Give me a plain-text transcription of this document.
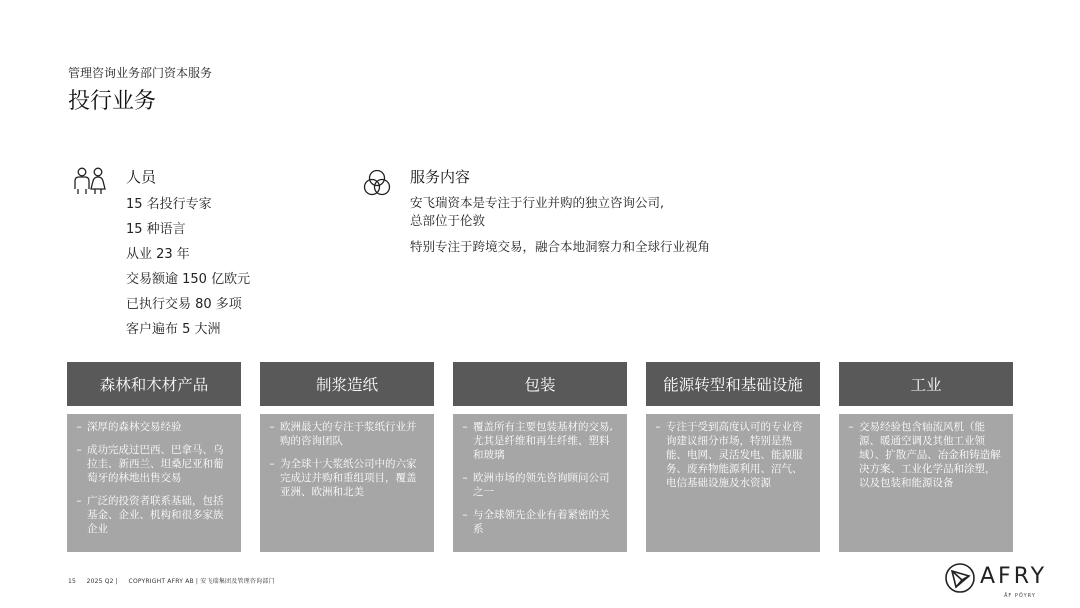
管理咨询业务部门资本服务
投行业务
人员
15 名投行专家
15 种语言
从业 23 年
交易额逾 150 亿欧元
已执行交易 80 多项
客户遍布 5 大洲
服务内容
安飞瑞资本是专注于行业并购的独立咨询公司,
总部位于伦敦
特别专注于跨境交易，融合本地洞察力和全球行业视角
森林和木材产品
– 深厚的森林交易经验
– 成功完成过巴西、巴拿马、乌拉圭、新西兰、坦桑尼亚和葡萄牙的林地出售交易
– 广泛的投资者联系基础，包括基金、企业、机构和很多家族企业
制浆造纸
– 欧洲最大的专注于浆纸行业并购的咨询团队
– 为全球十大浆纸公司中的六家完成过并购和重组项目，覆盖亚洲、欧洲和北美
包装
– 覆盖所有主要包装基材的交易,尤其是纤维和再生纤维、塑料和玻璃
– 欧洲市场的领先咨询顾问公司之一
– 与全球领先企业有着紧密的关系
能源转型和基础设施
– 专注于受到高度认可的专业咨询建议细分市场，特别是热能、电网、灵活发电、能源服务、废弃物能源利用、沼气、电信基础设施及水资源
工业
– 交易经验包含轴流风机（能源、暖通空调及其他工业领域）、扩散产品、冶金和铸造解决方案、工业化学品和涂塑，以及包装和能源设备
15     2025 Q2 |     COPYRIGHT AFRY AB | 安飞瑞集团及管理咨询部门	AFRY
ÅF PÖYRY
